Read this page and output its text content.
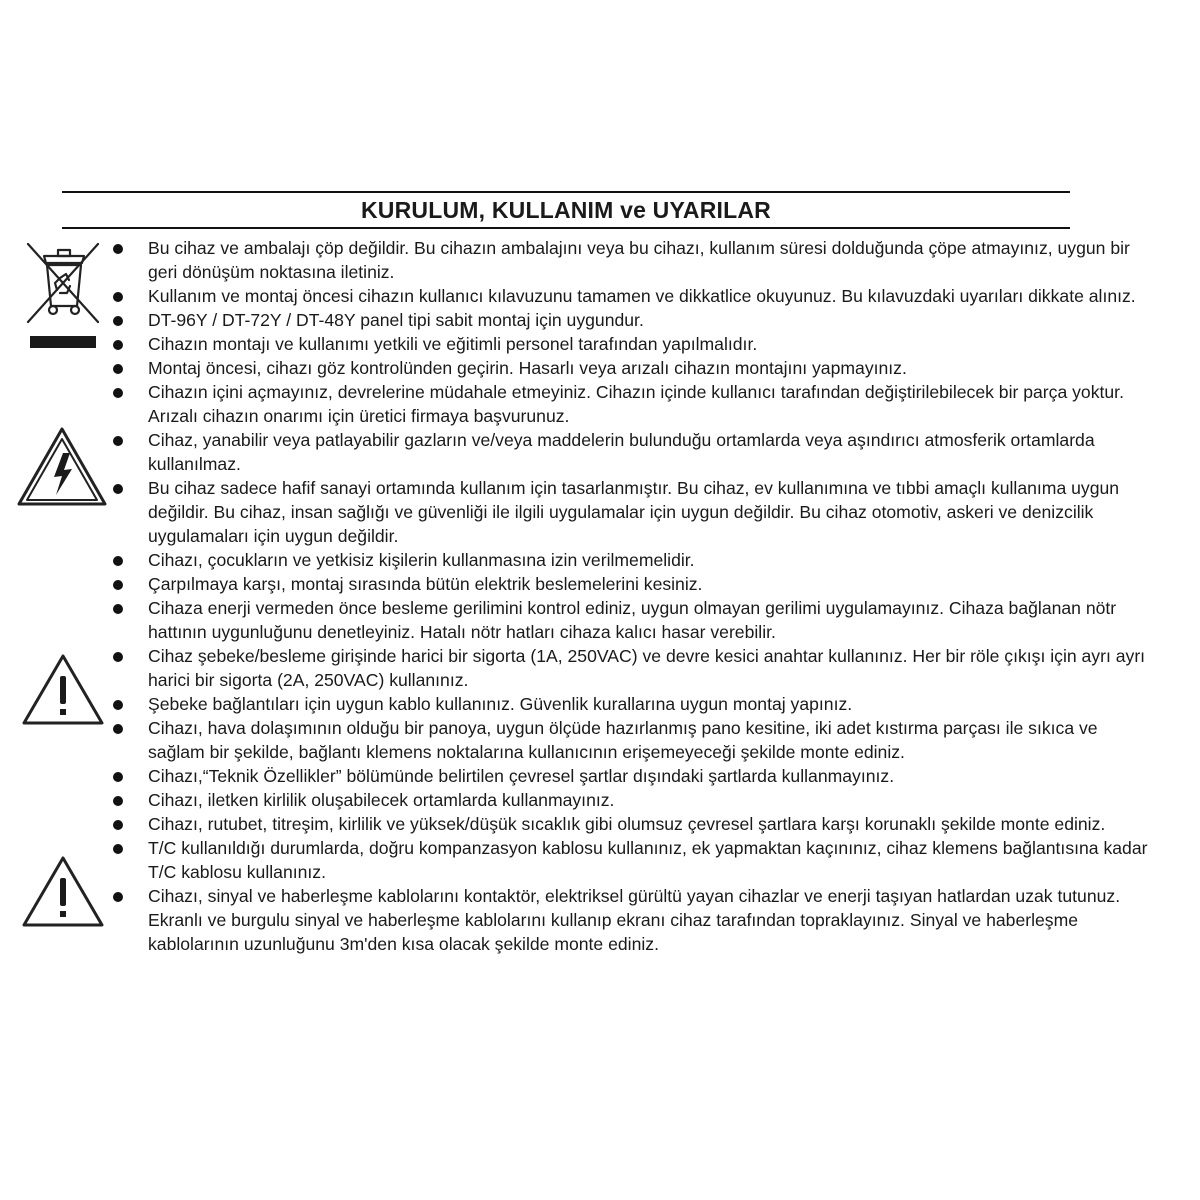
KURULUM, KULLANIM ve UYARILAR
Bu cihaz ve ambalajı çöp değildir. Bu cihazın ambalajını veya bu cihazı, kullanım süresi dolduğunda çöpe atmayınız, uygun bir geri dönüşüm noktasına iletiniz.
Kullanım ve montaj öncesi cihazın kullanıcı kılavuzunu tamamen ve dikkatlice okuyunuz. Bu kılavuzdaki uyarıları dikkate alınız.
DT-96Y / DT-72Y / DT-48Y panel tipi sabit montaj için uygundur.
Cihazın montajı ve kullanımı yetkili ve eğitimli personel tarafından yapılmalıdır.
Montaj öncesi, cihazı göz kontrolünden geçirin. Hasarlı veya arızalı cihazın montajını yapmayınız.
Cihazın içini açmayınız, devrelerine müdahale etmeyiniz. Cihazın içinde kullanıcı tarafından değiştirilebilecek bir parça yoktur. Arızalı cihazın onarımı için üretici firmaya başvurunuz.
Cihaz, yanabilir veya patlayabilir gazların ve/veya maddelerin bulunduğu ortamlarda veya aşındırıcı atmosferik ortamlarda kullanılmaz.
Bu cihaz sadece hafif sanayi ortamında kullanım için tasarlanmıştır. Bu cihaz, ev kullanımına ve tıbbi amaçlı kullanıma uygun değildir. Bu cihaz, insan sağlığı ve güvenliği ile ilgili uygulamalar için uygun değildir. Bu cihaz otomotiv, askeri ve denizcilik uygulamaları için uygun değildir.
Cihazı, çocukların ve yetkisiz kişilerin kullanmasına izin verilmemelidir.
Çarpılmaya karşı, montaj sırasında bütün elektrik beslemelerini kesiniz.
Cihaza enerji vermeden önce besleme gerilimini kontrol ediniz, uygun olmayan gerilimi uygulamayınız. Cihaza bağlanan nötr hattının uygunluğunu denetleyiniz. Hatalı nötr hatları cihaza kalıcı hasar verebilir.
Cihaz şebeke/besleme girişinde harici bir sigorta (1A, 250VAC) ve devre kesici anahtar kullanınız. Her bir röle çıkışı için ayrı ayrı harici bir sigorta (2A, 250VAC) kullanınız.
Şebeke bağlantıları için uygun kablo kullanınız. Güvenlik kurallarına uygun montaj yapınız.
Cihazı, hava dolaşımının olduğu bir panoya, uygun ölçüde hazırlanmış pano kesitine, iki adet kıstırma parçası ile sıkıca ve sağlam bir şekilde, bağlantı klemens noktalarına kullanıcının erişemeyeceği şekilde monte ediniz.
Cihazı,“Teknik Özellikler” bölümünde belirtilen çevresel şartlar dışındaki şartlarda kullanmayınız.
Cihazı, iletken kirlilik oluşabilecek ortamlarda kullanmayınız.
Cihazı, rutubet, titreşim, kirlilik ve yüksek/düşük sıcaklık gibi olumsuz çevresel şartlara karşı korunaklı şekilde monte ediniz.
T/C kullanıldığı durumlarda, doğru kompanzasyon kablosu kullanınız, ek yapmaktan kaçınınız, cihaz klemens bağlantısına kadar T/C kablosu kullanınız.
Cihazı, sinyal ve haberleşme kablolarını kontaktör, elektriksel gürültü yayan cihazlar ve enerji taşıyan hatlardan uzak tutunuz. Ekranlı ve burgulu sinyal ve haberleşme kablolarını kullanıp ekranı cihaz tarafından topraklayınız. Sinyal ve haberleşme kablolarının uzunluğunu 3m'den kısa olacak şekilde monte ediniz.
